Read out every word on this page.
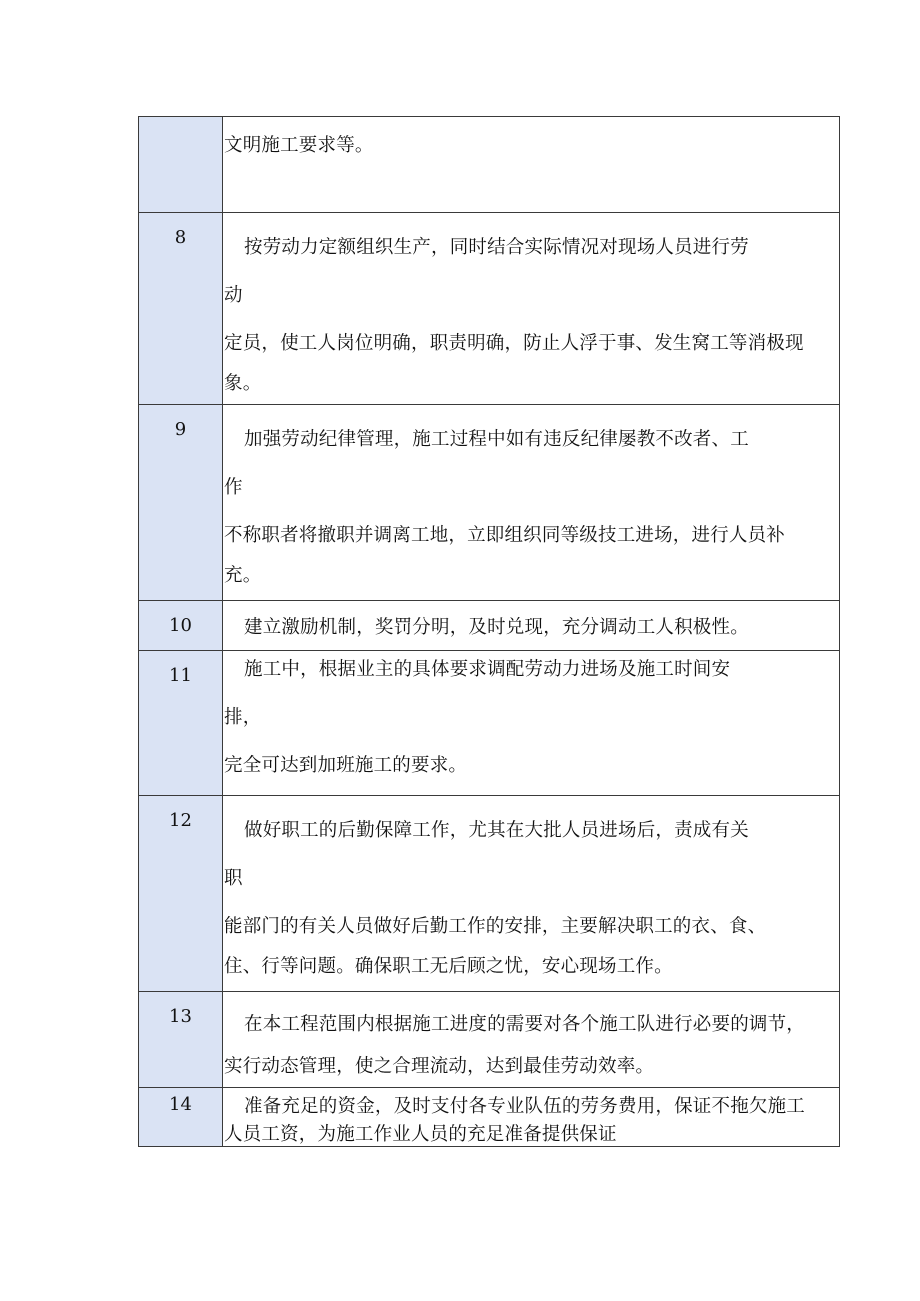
	文明施工要求等。

8	按劳动力定额组织生产，同时结合实际情况对现场人员进行劳
动
定员，使工人岗位明确，职责明确，防止人浮于事、发生窝工等消极现
象。

9	加强劳动纪律管理，施工过程中如有违反纪律屡教不改者、工
作
不称职者将撤职并调离工地，立即组织同等级技工进场，进行人员补
充。

10	建立激励机制，奖罚分明，及时兑现，充分调动工人积极性。

11	施工中，根据业主的具体要求调配劳动力进场及施工时间安
排，
完全可达到加班施工的要求。

12	做好职工的后勤保障工作，尤其在大批人员进场后，责成有关
职
能部门的有关人员做好后勤工作的安排，主要解决职工的衣、食、
住、行等问题。确保职工无后顾之忧，安心现场工作。

13	在本工程范围内根据施工进度的需要对各个施工队进行必要的调节，
实行动态管理，使之合理流动，达到最佳劳动效率。

14	准备充足的资金，及时支付各专业队伍的劳务费用，保证不拖欠施工
人员工资，为施工作业人员的充足准备提供保证
